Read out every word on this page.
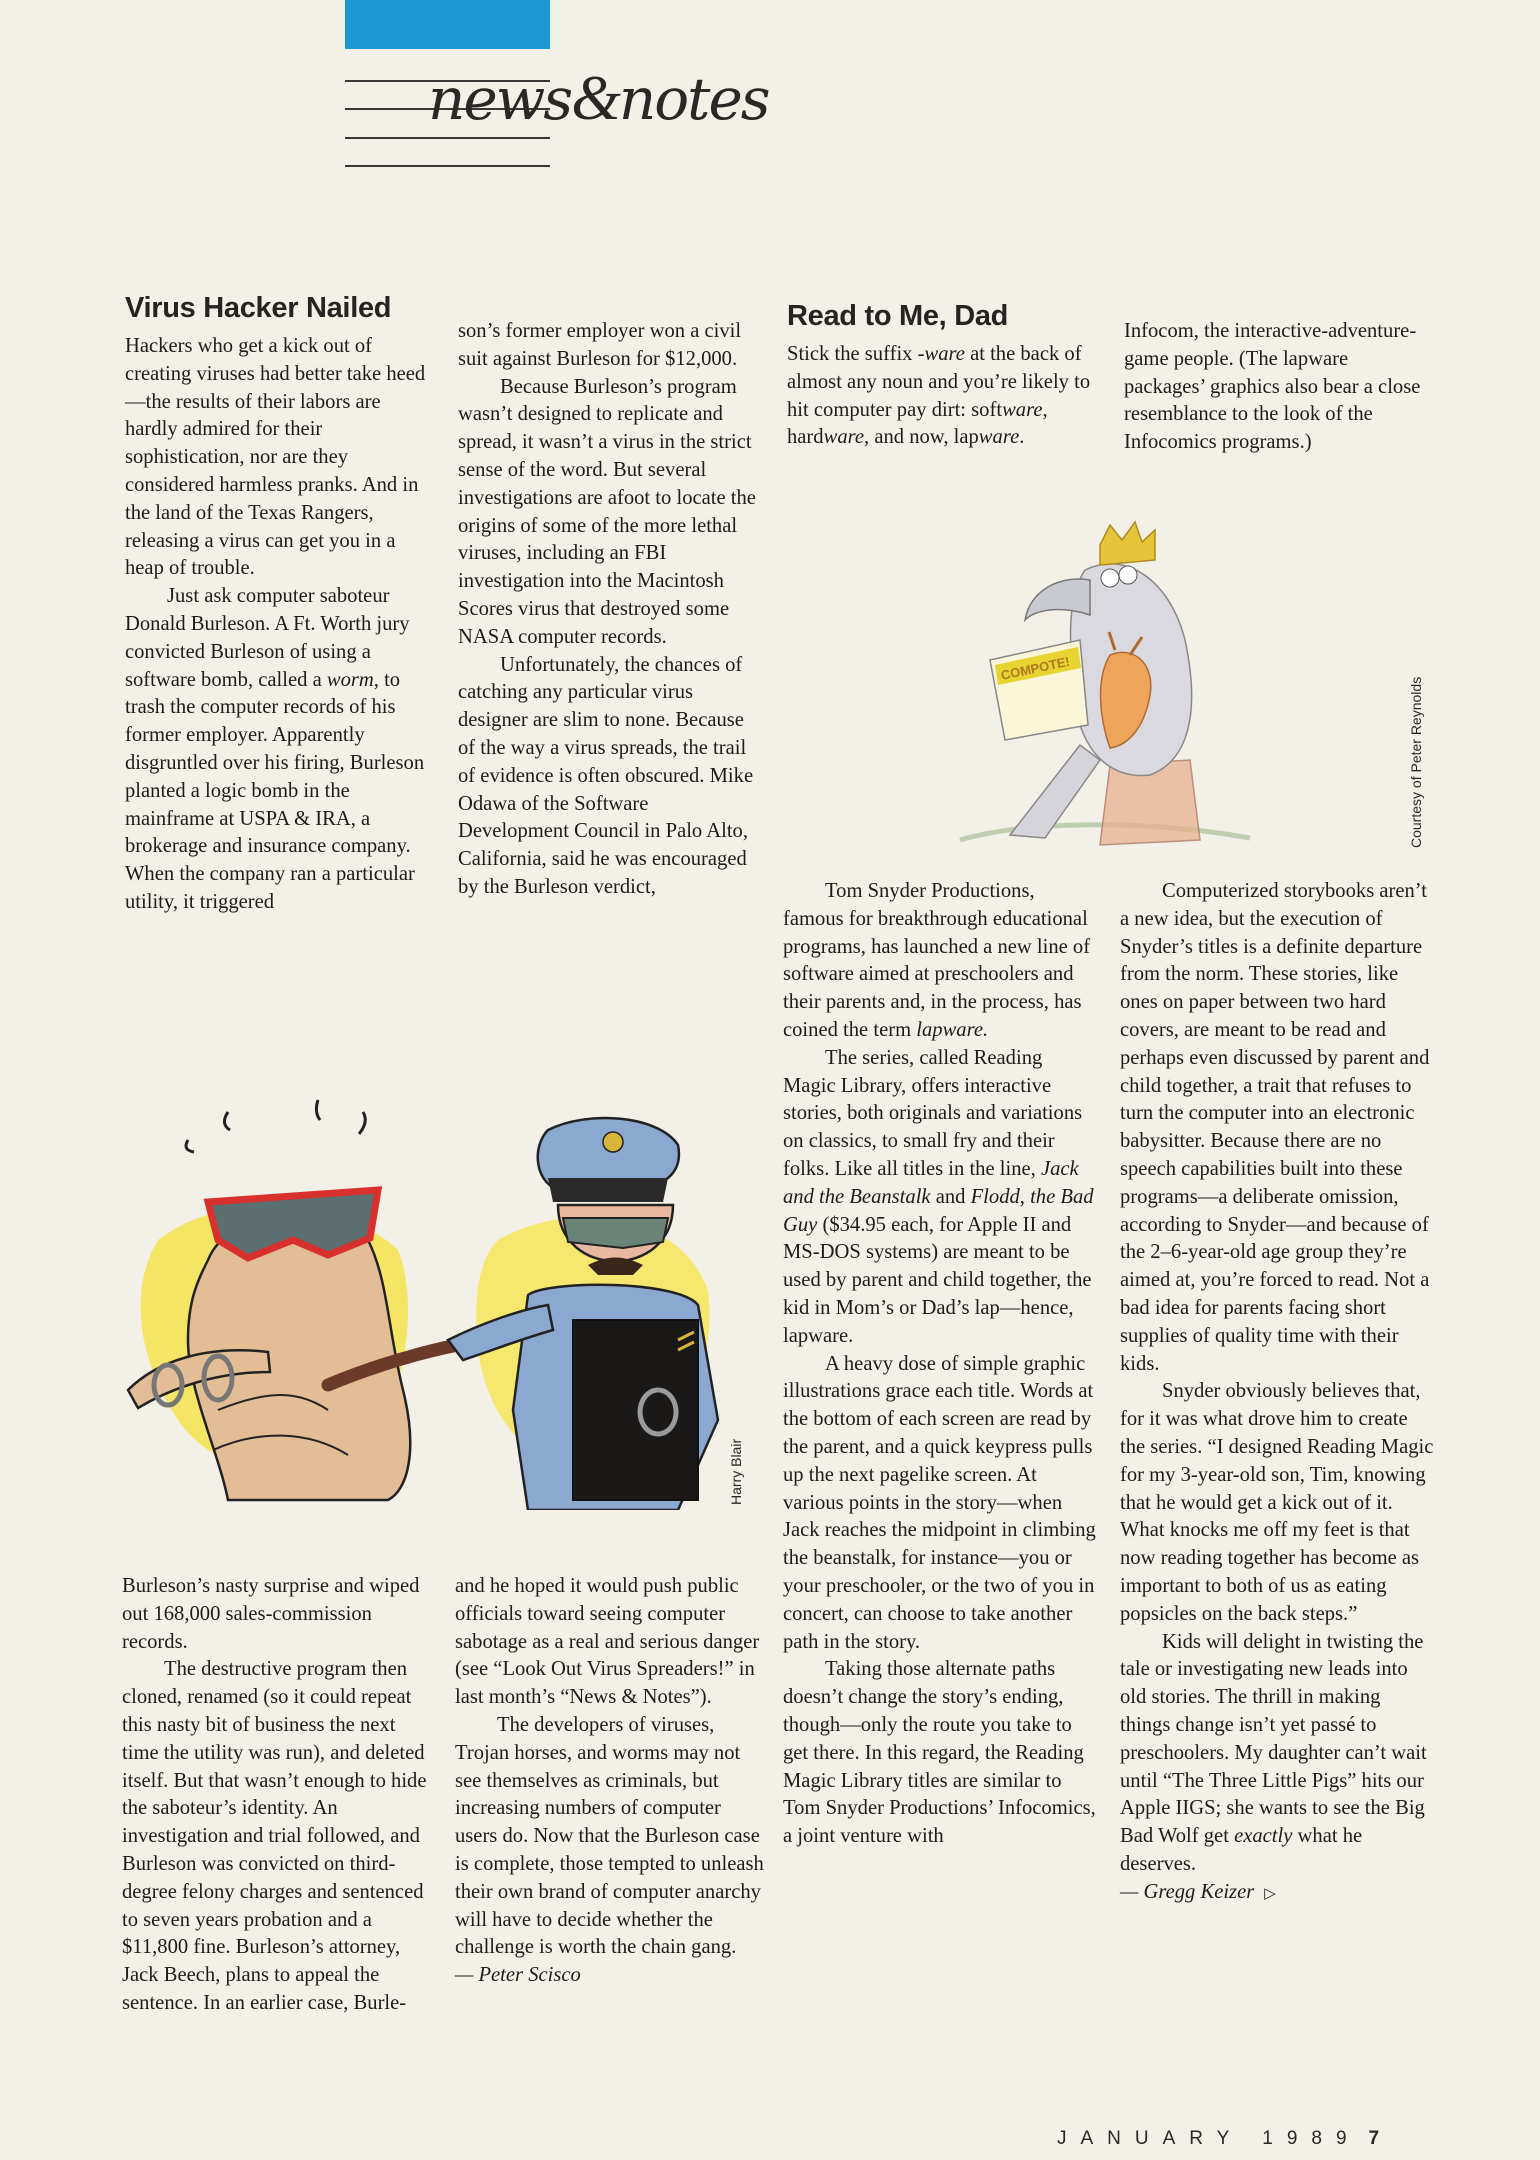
news&notes
Virus Hacker Nailed

Hackers who get a kick out of creating viruses had better take heed—the results of their labors are hardly admired for their sophistication, nor are they considered harmless pranks. And in the land of the Texas Rangers, releasing a virus can get you in a heap of trouble.

Just ask computer saboteur Donald Burleson. A Ft. Worth jury convicted Burleson of using a software bomb, called a worm, to trash the computer records of his former employer. Apparently disgruntled over his firing, Burleson planted a logic bomb in the mainframe at USPA & IRA, a brokerage and insurance company. When the company ran a particular utility, it triggered

son’s former employer won a civil suit against Burleson for $12,000.

Because Burleson’s program wasn’t designed to replicate and spread, it wasn’t a virus in the strict sense of the word. But several investigations are afoot to locate the origins of some of the more lethal viruses, including an FBI investigation into the Macintosh Scores virus that destroyed some NASA computer records.

Unfortunately, the chances of catching any particular virus designer are slim to none. Because of the way a virus spreads, the trail of evidence is often obscured. Mike Odawa of the Software Development Council in Palo Alto, California, said he was encouraged by the Burleson verdict,

Harry Blair

Burleson’s nasty surprise and wiped out 168,000 sales-commission records.

The destructive program then cloned, renamed (so it could repeat this nasty bit of business the next time the utility was run), and deleted itself. But that wasn’t enough to hide the saboteur’s identity. An investigation and trial followed, and Burleson was convicted on third-degree felony charges and sentenced to seven years probation and a $11,800 fine. Burleson’s attorney, Jack Beech, plans to appeal the sentence. In an earlier case, Burle-

and he hoped it would push public officials toward seeing computer sabotage as a real and serious danger (see “Look Out Virus Spreaders!” in last month’s “News & Notes”).

The developers of viruses, Trojan horses, and worms may not see themselves as criminals, but increasing numbers of computer users do. Now that the Burleson case is complete, those tempted to unleash their own brand of computer anarchy will have to decide whether the challenge is worth the chain gang.

— Peter Scisco

Read to Me, Dad

Stick the suffix -ware at the back of almost any noun and you’re likely to hit computer pay dirt: software, hardware, and now, lapware.

Infocom, the interactive-adventure-game people. (The lapware packages’ graphics also bear a close resemblance to the look of the Infocomics programs.)

COMPOTE!
Courtesy of Peter Reynolds

Tom Snyder Productions, famous for breakthrough educational programs, has launched a new line of software aimed at preschoolers and their parents and, in the process, has coined the term lapware.

The series, called Reading Magic Library, offers interactive stories, both originals and variations on classics, to small fry and their folks. Like all titles in the line, Jack and the Beanstalk and Flodd, the Bad Guy ($34.95 each, for Apple II and MS-DOS systems) are meant to be used by parent and child together, the kid in Mom’s or Dad’s lap—hence, lapware.

A heavy dose of simple graphic illustrations grace each title. Words at the bottom of each screen are read by the parent, and a quick keypress pulls up the next pagelike screen. At various points in the story—when Jack reaches the midpoint in climbing the beanstalk, for instance—you or your preschooler, or the two of you in concert, can choose to take another path in the story.

Taking those alternate paths doesn’t change the story’s ending, though—only the route you take to get there. In this regard, the Reading Magic Library titles are similar to Tom Snyder Productions’ Infocomics, a joint venture with

Computerized storybooks aren’t a new idea, but the execution of Snyder’s titles is a definite departure from the norm. These stories, like ones on paper between two hard covers, are meant to be read and perhaps even discussed by parent and child together, a trait that refuses to turn the computer into an electronic babysitter. Because there are no speech capabilities built into these programs—a deliberate omission, according to Snyder—and because of the 2–6-year-old age group they’re aimed at, you’re forced to read. Not a bad idea for parents facing short supplies of quality time with their kids.

Snyder obviously believes that, for it was what drove him to create the series. “I designed Reading Magic for my 3-year-old son, Tim, knowing that he would get a kick out of it. What knocks me off my feet is that now reading together has become as important to both of us as eating popsicles on the back steps.”

Kids will delight in twisting the tale or investigating new leads into old stories. The thrill in making things change isn’t yet passé to preschoolers. My daughter can’t wait until “The Three Little Pigs” hits our Apple IIGS; she wants to see the Big Bad Wolf get exactly what he deserves.

— Gregg Keizer ▷

JANUARY 1989 7
